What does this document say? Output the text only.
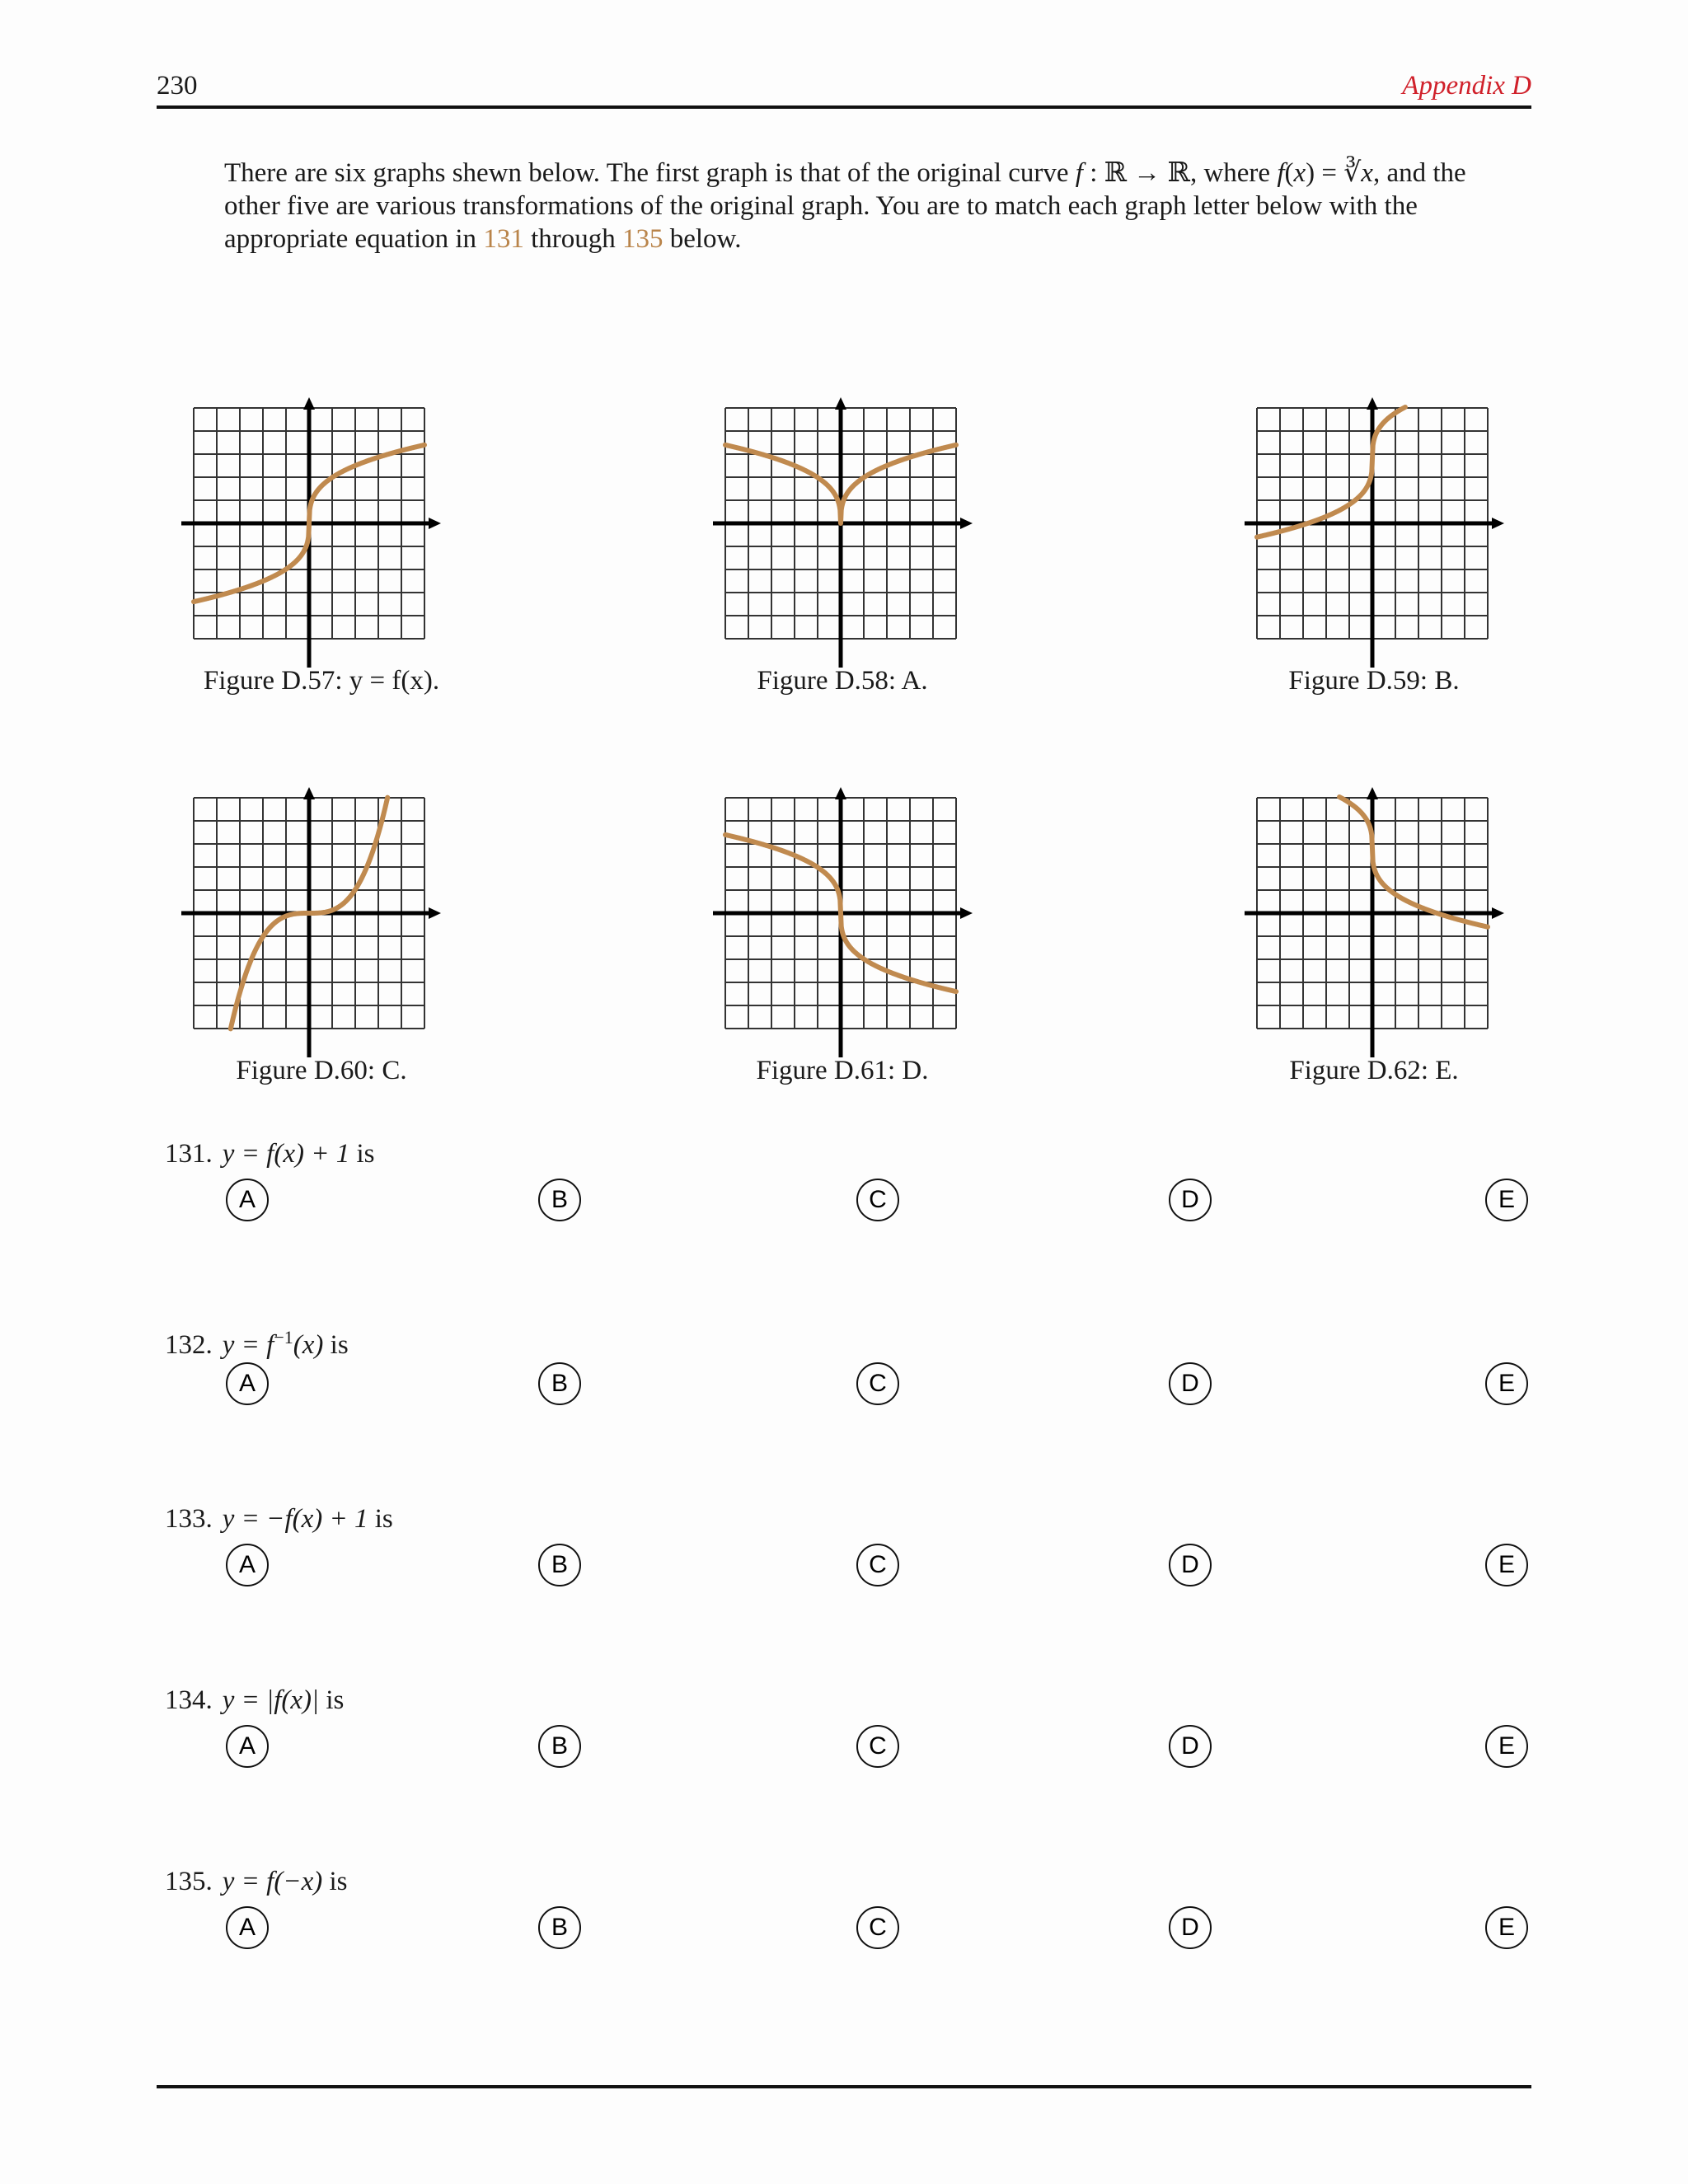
230	Appendix D

There are six graphs shewn below. The first graph is that of the original curve f : ℝ → ℝ, where f(x) = ∛x, and the

other five are various transformations of the original graph. You are to match each graph letter below with the

appropriate equation in 131 through 135 below.

Figure D.57: y = f(x).	Figure D.58: A.	Figure D.59: B.
Figure D.60: C.	Figure D.61: D.	Figure D.62: E.
131. y = f(x) + 1 is
A	B	C	D	E
132. $y = f^{-1}(x)$ is
A	B	C	D	E
133. y = −f(x) + 1 is
A	B	C	D	E
134. y = |f(x)| is
A	B	C	D	E
135. y = f(−x) is
A	B	C	D	E
